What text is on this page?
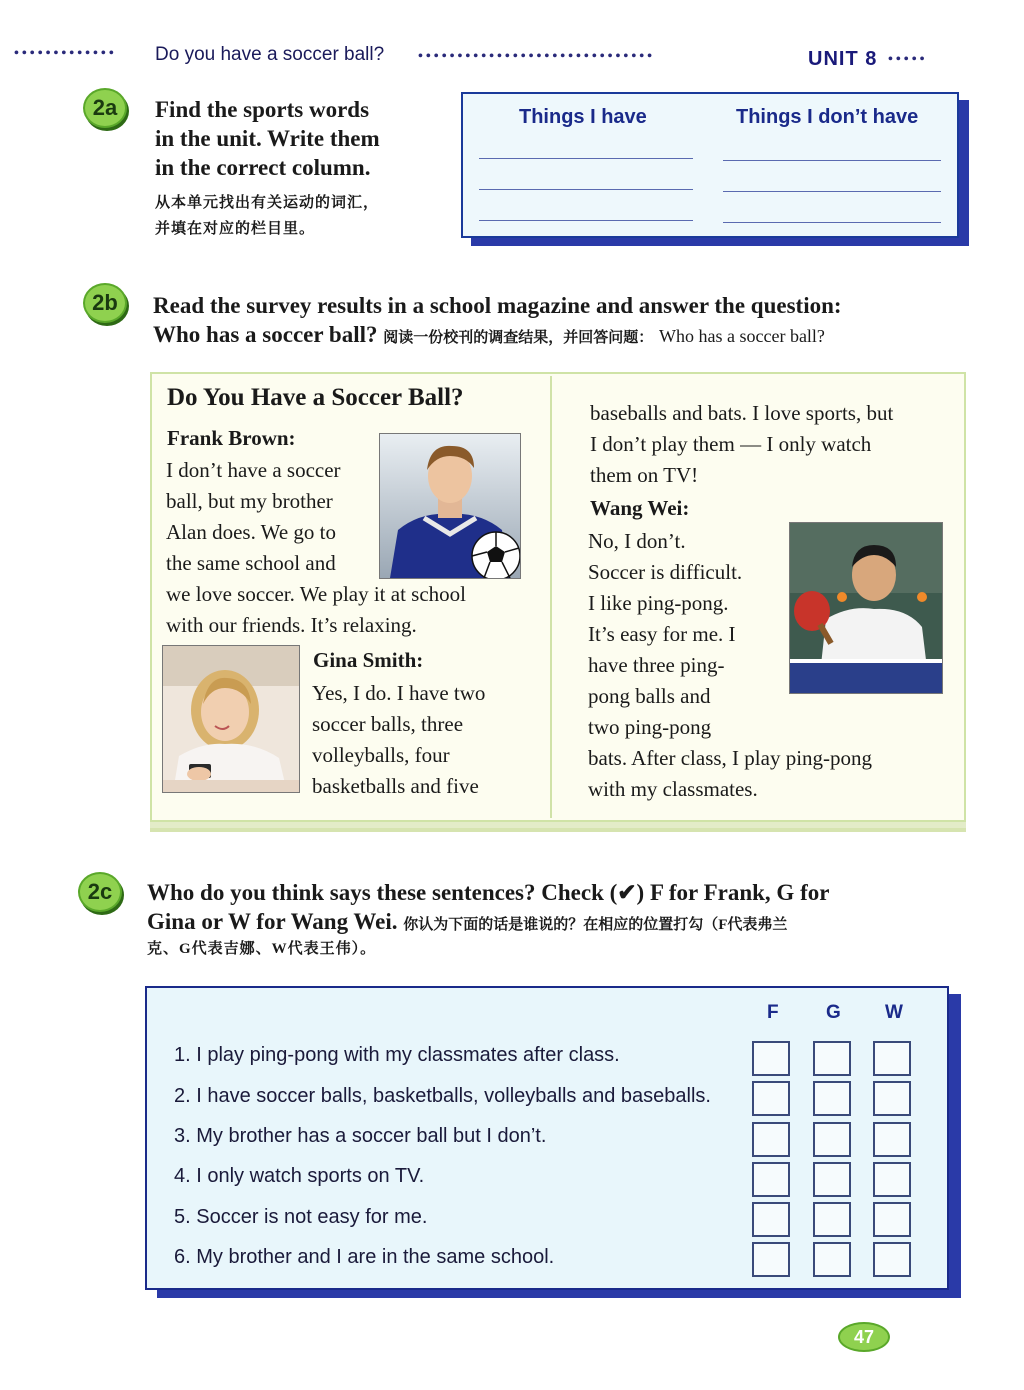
••••••••••••• Do you have a soccer ball? ••••••••••••••••••••••••••••••	UNIT 8 •••••
2a	Find the sports words
in the unit. Write them
in the correct column.
从本单元找出有关运动的词汇，
并填在对应的栏目里。
Things I have	Things I don’t have
2b	Read the survey results in a school magazine and answer the question:
Who has a soccer ball? 阅读一份校刊的调查结果，并回答问题： Who has a soccer ball?
Do You Have a Soccer Ball?
Frank Brown:
I don’t have a soccer
ball, but my brother
Alan does. We go to
the same school and
we love soccer. We play it at school
with our friends. It’s relaxing.
Gina Smith:
Yes, I do. I have two
soccer balls, three
volleyballs, four
basketballs and five
baseballs and bats. I love sports, but
I don’t play them — I only watch
them on TV!
Wang Wei:
No, I don’t.
Soccer is difficult.
I like ping-pong.
It’s easy for me. I
have three ping-
pong balls and
two ping-pong
bats. After class, I play ping-pong
with my classmates.
2c	Who do you think says these sentences? Check (✔) F for Frank, G for
Gina or W for Wang Wei. 你认为下面的话是谁说的？在相应的位置打勾（F代表弗兰
克、G代表吉娜、W代表王伟）。
F G W
1. I play ping-pong with my classmates after class.
2. I have soccer balls, basketballs, volleyballs and baseballs.
3. My brother has a soccer ball but I don’t.
4. I only watch sports on TV.
5. Soccer is not easy for me.
6. My brother and I are in the same school.
47
